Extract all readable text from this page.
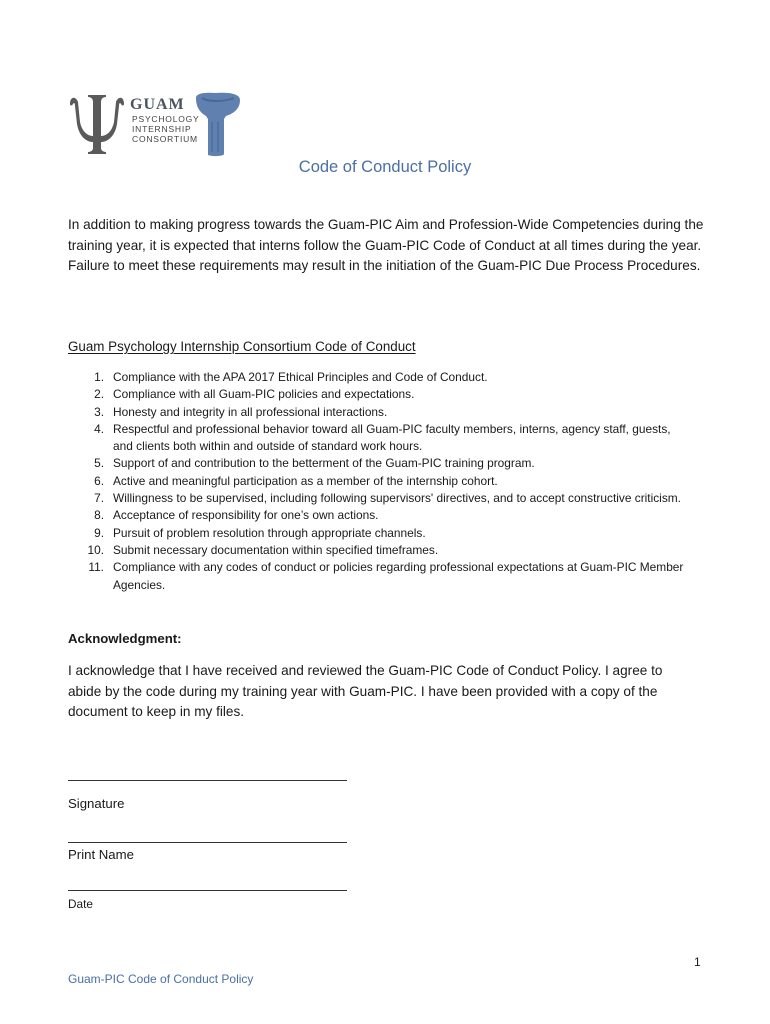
GUAM
PSYCHOLOGY
INTERNSHIP
CONSORTIUM
Code of Conduct Policy
In addition to making progress towards the Guam-PIC Aim and Profession-Wide Competencies during the training year, it is expected that interns follow the Guam-PIC Code of Conduct at all times during the year. Failure to meet these requirements may result in the initiation of the Guam-PIC Due Process Procedures.
Guam Psychology Internship Consortium Code of Conduct
1. Compliance with the APA 2017 Ethical Principles and Code of Conduct.
2. Compliance with all Guam-PIC policies and expectations.
3. Honesty and integrity in all professional interactions.
4. Respectful and professional behavior toward all Guam-PIC faculty members, interns, agency staff, guests, and clients both within and outside of standard work hours.
5. Support of and contribution to the betterment of the Guam-PIC training program.
6. Active and meaningful participation as a member of the internship cohort.
7. Willingness to be supervised, including following supervisors' directives, and to accept constructive criticism.
8. Acceptance of responsibility for one’s own actions.
9. Pursuit of problem resolution through appropriate channels.
10. Submit necessary documentation within specified timeframes.
11. Compliance with any codes of conduct or policies regarding professional expectations at Guam-PIC Member Agencies.
Acknowledgment:
I acknowledge that I have received and reviewed the Guam-PIC Code of Conduct Policy. I agree to abide by the code during my training year with Guam-PIC. I have been provided with a copy of the document to keep in my files.
Signature
Print Name
Date
1
Guam-PIC Code of Conduct Policy
